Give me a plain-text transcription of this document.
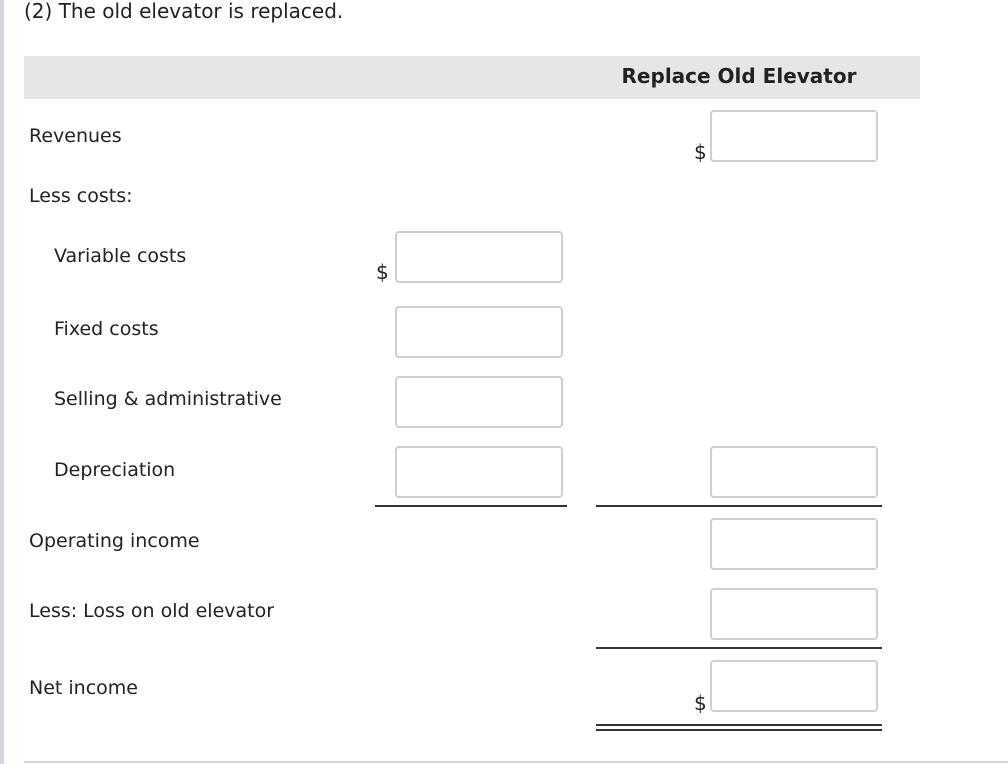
(2) The old elevator is replaced.
Replace Old Elevator
Revenues
$
Less costs:
Variable costs
$
Fixed costs
Selling & administrative
Depreciation
Operating income
Less: Loss on old elevator
Net income
$
